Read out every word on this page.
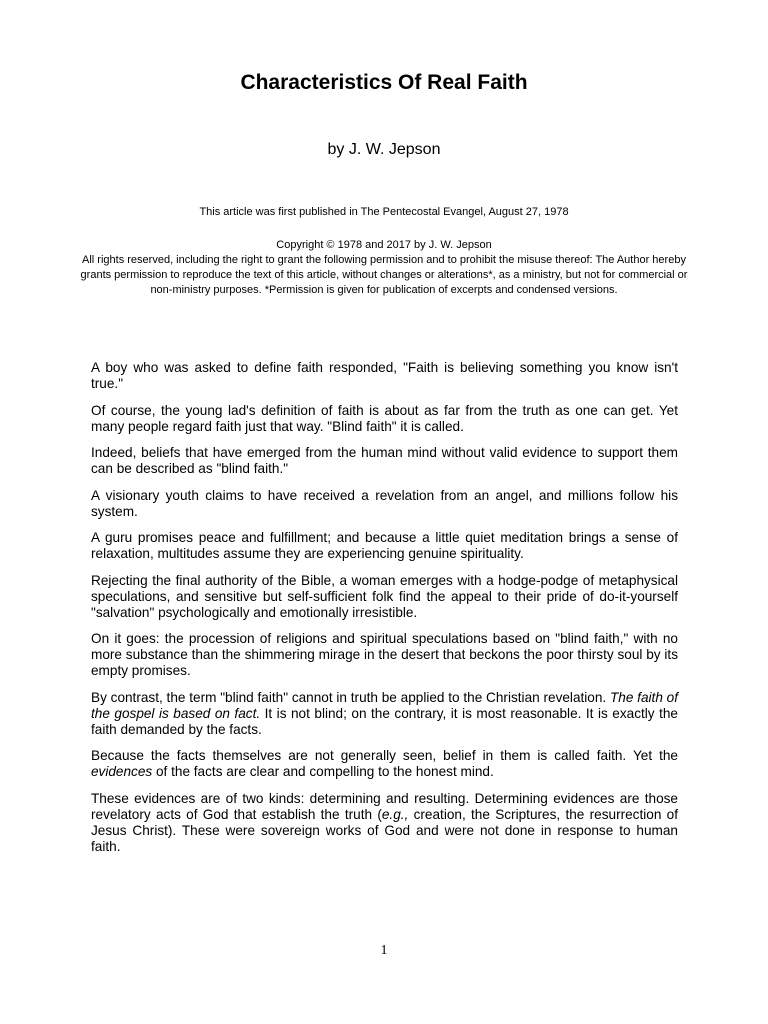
Characteristics Of Real Faith

by J. W. Jepson

This article was first published in The Pentecostal Evangel, August 27, 1978

Copyright © 1978 and 2017 by J. W. Jepson
All rights reserved, including the right to grant the following permission and to prohibit the misuse thereof: The Author hereby grants permission to reproduce the text of this article, without changes or alterations*, as a ministry, but not for commercial or non-ministry purposes. *Permission is given for publication of excerpts and condensed versions.

A boy who was asked to define faith responded, "Faith is believing something you know isn't true."

Of course, the young lad's definition of faith is about as far from the truth as one can get. Yet many people regard faith just that way. "Blind faith" it is called.

Indeed, beliefs that have emerged from the human mind without valid evidence to support them can be described as "blind faith."

A visionary youth claims to have received a revelation from an angel, and millions follow his system.

A guru promises peace and fulfillment; and because a little quiet meditation brings a sense of relaxation, multitudes assume they are experiencing genuine spirituality.

Rejecting the final authority of the Bible, a woman emerges with a hodge-podge of metaphysical speculations, and sensitive but self-sufficient folk find the appeal to their pride of do-it-yourself "salvation" psychologically and emotionally irresistible.

On it goes: the procession of religions and spiritual speculations based on "blind faith," with no more substance than the shimmering mirage in the desert that beckons the poor thirsty soul by its empty promises.

By contrast, the term "blind faith" cannot in truth be applied to the Christian revelation. The faith of the gospel is based on fact. It is not blind; on the contrary, it is most reasonable. It is exactly the faith demanded by the facts.

Because the facts themselves are not generally seen, belief in them is called faith. Yet the evidences of the facts are clear and compelling to the honest mind.

These evidences are of two kinds: determining and resulting. Determining evidences are those revelatory acts of God that establish the truth (e.g., creation, the Scriptures, the resurrection of Jesus Christ). These were sovereign works of God and were not done in response to human faith.

1
